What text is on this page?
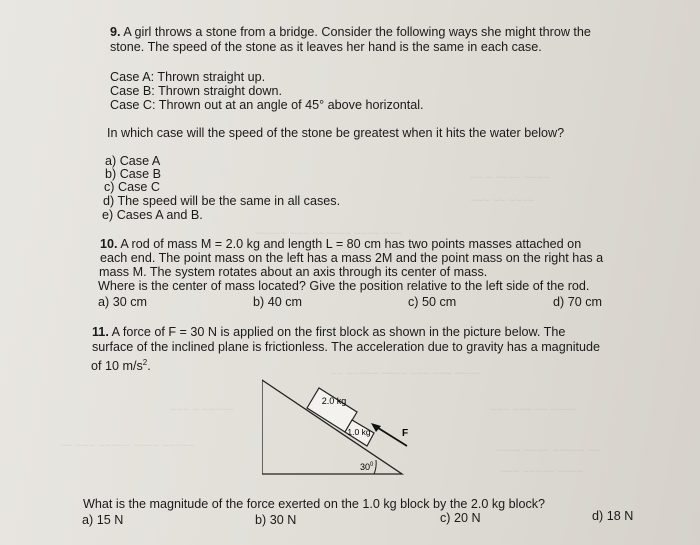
~~ ~ ~~~~ ~~~~
~~~ ~~ ~~~~
~~~~~ ~~~ ~~~~~~ ~~~~ ~~~
~~ ~~~~~ ~~~~ ~~~ ~~~ ~~~~
~~~ ~ ~~~~~	~~~ ~~~ ~~ ~~~~
~~ ~~~ ~~~~~ ~~~~ ~~~~~	~~~~ ~~~~ ~~~~~ ~~
~~~ ~~~~~ ~~~~
9. A girl throws a stone from a bridge. Consider the following ways she might throw the
stone. The speed of the stone as it leaves her hand is the same in each case.
Case A: Thrown straight up.
Case B: Thrown straight down.
Case C: Thrown out at an angle of 45° above horizontal.
In which case will the speed of the stone be greatest when it hits the water below?
a) Case A
b) Case B
c) Case C
d) The speed will be the same in all cases.
e) Cases A and B.
10. A rod of mass M = 2.0 kg and length L = 80 cm has two points masses attached on
each end. The point mass on the left has a mass 2M and the point mass on the right has a
mass M. The system rotates about an axis through its center of mass.
Where is the center of mass located? Give the position relative to the left side of the rod.
a) 30 cm	b) 40 cm	c) 50 cm	d) 70 cm
11. A force of F = 30 N is applied on the first block as shown in the picture below. The
surface of the inclined plane is frictionless. The acceleration due to gravity has a magnitude
of 10 $m/s^2$.
2.0 kg
1.0 kg	F
$30^0$
What is the magnitude of the force exerted on the 1.0 kg block by the 2.0 kg block?
a) 15 N	b) 30 N	c) 20 N	d) 18 N
